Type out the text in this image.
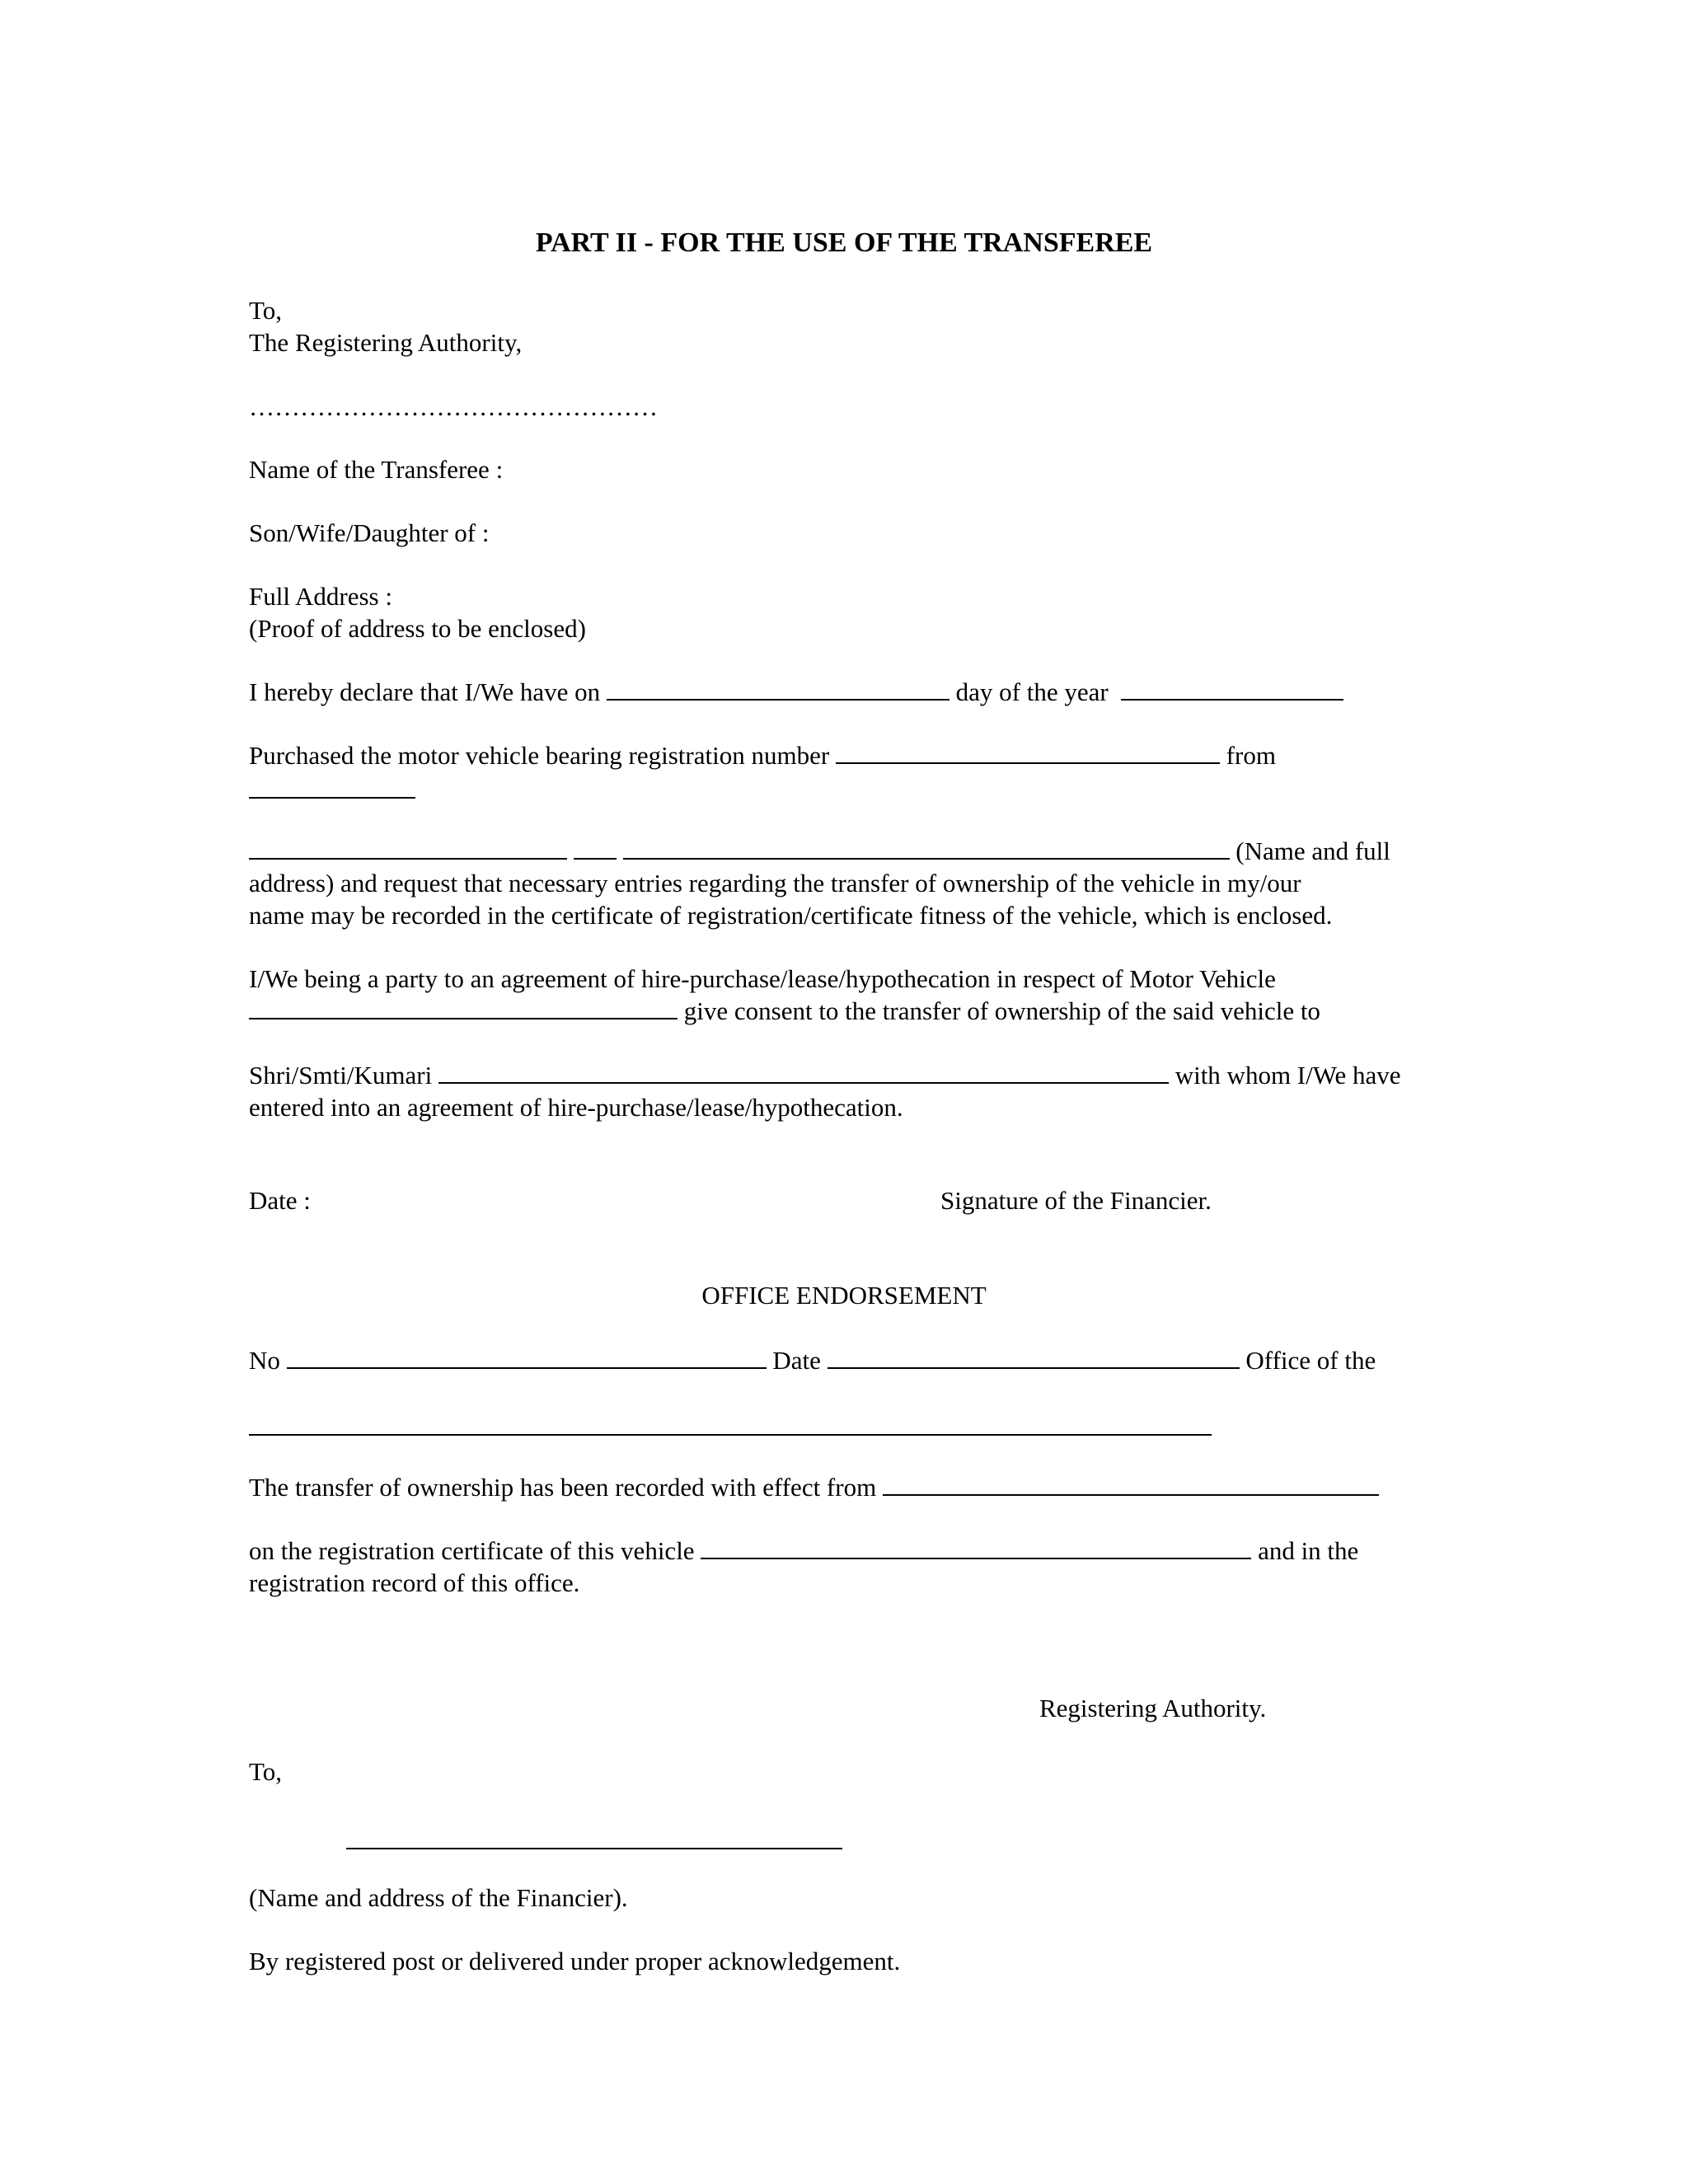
PART II - FOR THE USE OF THE TRANSFEREE
To,
The Registering Authority,
…………………………………………
Name of the Transferee :
Son/Wife/Daughter of :
Full Address :
(Proof of address to be enclosed)
I hereby declare that I/We have on	day of the year
Purchased the motor vehicle bearing registration number	from
(Name and full
address) and request that necessary entries regarding the transfer of ownership of the vehicle in my/our
name may be recorded in the certificate of registration/certificate fitness of the vehicle, which is enclosed.
I/We being a party to an agreement of hire-purchase/lease/hypothecation in respect of Motor Vehicle
give consent to the transfer of ownership of the said vehicle to
Shri/Smti/Kumari	with whom I/We have
entered into an agreement of hire-purchase/lease/hypothecation.
Date :	Signature of the Financier.
OFFICE ENDORSEMENT
No	Date	Office of the
The transfer of ownership has been recorded with effect from
on the registration certificate of this vehicle	and in the
registration record of this office.
Registering Authority.
To,
(Name and address of the Financier).
By registered post or delivered under proper acknowledgement.
